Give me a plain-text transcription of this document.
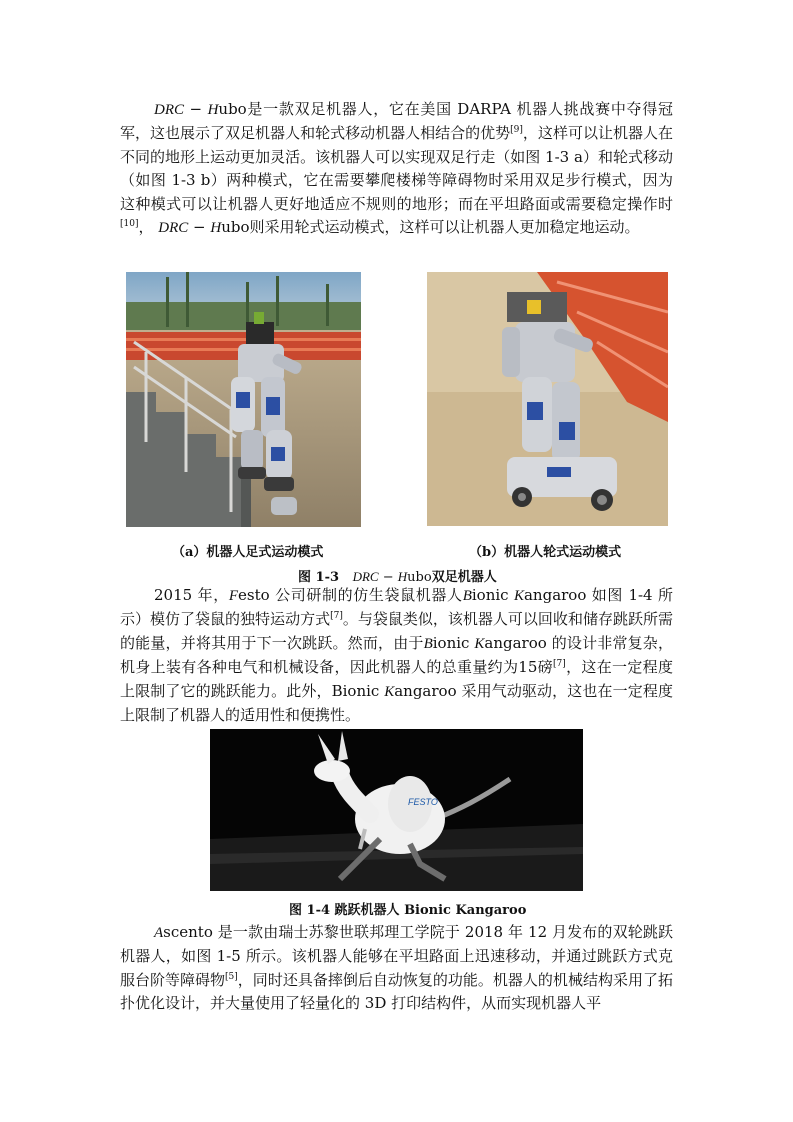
DRC − Hubo是一款双足机器人，它在美国 DARPA 机器人挑战赛中夺得冠军，这也展示了双足机器人和轮式移动机器人相结合的优势[9]，这样可以让机器人在不同的地形上运动更加灵活。该机器人可以实现双足行走（如图 1-3 a）和轮式移动（如图 1-3 b）两种模式，它在需要攀爬楼梯等障碍物时采用双足步行模式，因为这种模式可以让机器人更好地适应不规则的地形；而在平坦路面或需要稳定操作时[10]， DRC − Hubo则采用轮式运动模式，这样可以让机器人更加稳定地运动。

（a）机器人足式运动模式	（b）机器人轮式运动模式

图 1-3 DRC − Hubo双足机器人

2015 年，Festo 公司研制的仿生袋鼠机器人Bionic Kangaroo 如图 1-4 所示）模仿了袋鼠的独特运动方式[7]。与袋鼠类似，该机器人可以回收和储存跳跃所需的能量，并将其用于下一次跳跃。然而，由于Bionic Kangaroo 的设计非常复杂，机身上装有各种电气和机械设备，因此机器人的总重量约为15磅[7]，这在一定程度上限制了它的跳跃能力。此外，Bionic Kangaroo 采用气动驱动，这也在一定程度上限制了机器人的适用性和便携性。

FESTO

图 1-4 跳跃机器人 Bionic Kangaroo

Ascento 是一款由瑞士苏黎世联邦理工学院于 2018 年 12 月发布的双轮跳跃机器人，如图 1-5 所示。该机器人能够在平坦路面上迅速移动，并通过跳跃方式克服台阶等障碍物[5]，同时还具备摔倒后自动恢复的功能。机器人的机械结构采用了拓扑优化设计，并大量使用了轻量化的 3D 打印结构件，从而实现机器人平
